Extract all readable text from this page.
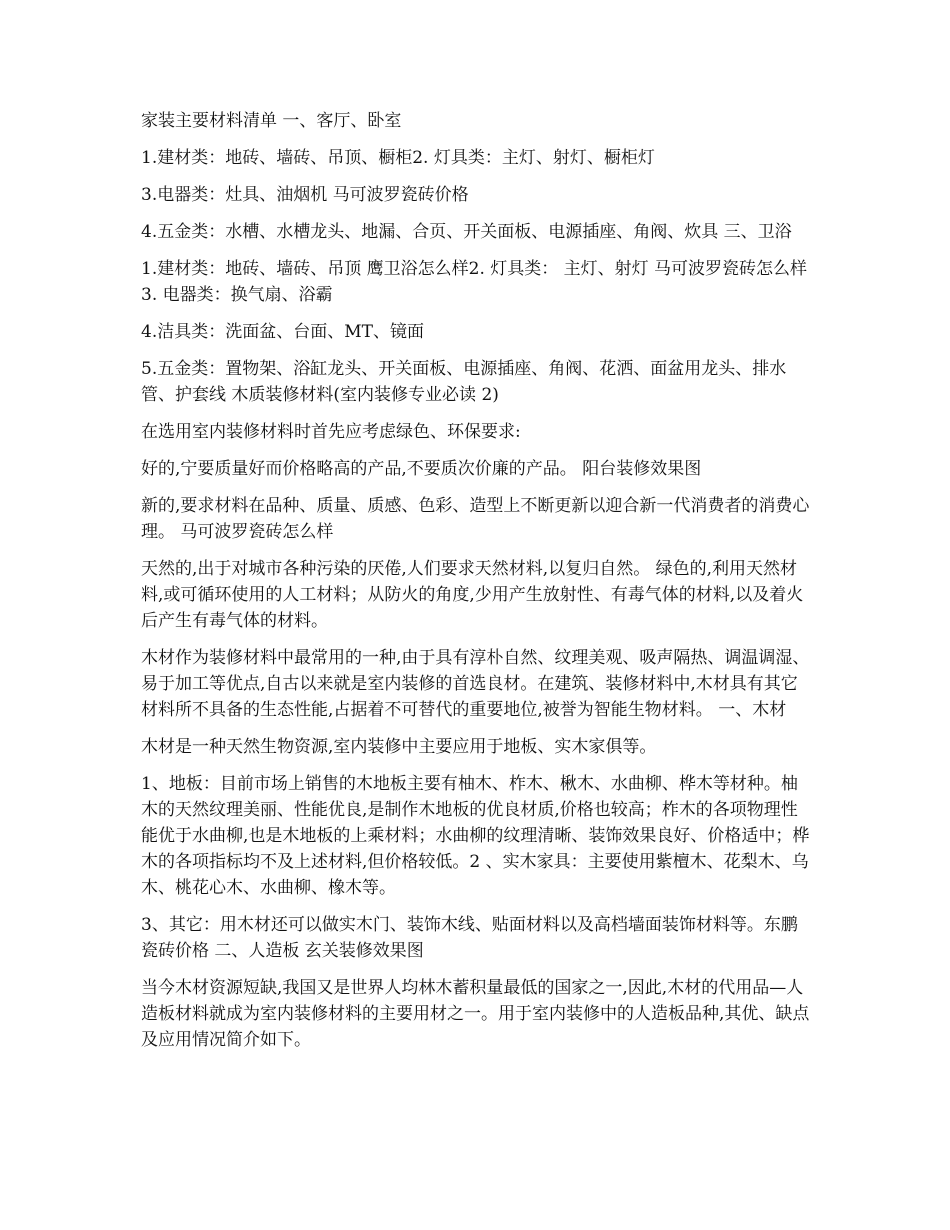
家装主要材料清单 一、客厅、卧室

1.建材类：地砖、墙砖、吊顶、橱柜2. 灯具类：主灯、射灯、橱柜灯

3.电器类：灶具、油烟机 马可波罗瓷砖价格

4.五金类：水槽、水槽龙头、地漏、合页、开关面板、电源插座、角阀、炊具 三、卫浴

1.建材类：地砖、墙砖、吊顶 鹰卫浴怎么样2. 灯具类： 主灯、射灯 马可波罗瓷砖怎么样3. 电器类：换气扇、浴霸

4.洁具类：洗面盆、台面、MT、镜面

5.五金类：置物架、浴缸龙头、开关面板、电源插座、角阀、花洒、面盆用龙头、排水管、护套线 木质装修材料(室内装修专业必读 2)

在选用室内装修材料时首先应考虑绿色、环保要求:

好的,宁要质量好而价格略高的产品,不要质次价廉的产品。 阳台装修效果图

新的,要求材料在品种、质量、质感、色彩、造型上不断更新以迎合新一代消费者的消费心理。 马可波罗瓷砖怎么样

天然的,出于对城市各种污染的厌倦,人们要求天然材料,以复归自然。 绿色的,利用天然材料,或可循环使用的人工材料；从防火的角度,少用产生放射性、有毒气体的材料,以及着火后产生有毒气体的材料。

木材作为装修材料中最常用的一种,由于具有淳朴自然、纹理美观、吸声隔热、调温调湿、易于加工等优点,自古以来就是室内装修的首选良材。在建筑、装修材料中,木材具有其它材料所不具备的生态性能,占据着不可替代的重要地位,被誉为智能生物材料。 一、木材

木材是一种天然生物资源,室内装修中主要应用于地板、实木家俱等。

1、地板：目前市场上销售的木地板主要有柚木、柞木、楸木、水曲柳、桦木等材种。柚木的天然纹理美丽、性能优良,是制作木地板的优良材质,价格也较高；柞木的各项物理性能优于水曲柳,也是木地板的上乘材料；水曲柳的纹理清晰、装饰效果良好、价格适中；桦木的各项指标均不及上述材料,但价格较低。2 、实木家具：主要使用紫檀木、花梨木、乌木、桃花心木、水曲柳、橡木等。

3、其它：用木材还可以做实木门、装饰木线、贴面材料以及高档墙面装饰材料等。东鹏瓷砖价格 二、人造板 玄关装修效果图

当今木材资源短缺,我国又是世界人均林木蓄积量最低的国家之一,因此,木材的代用品—人造板材料就成为室内装修材料的主要用材之一。用于室内装修中的人造板品种,其优、缺点及应用情况简介如下。
